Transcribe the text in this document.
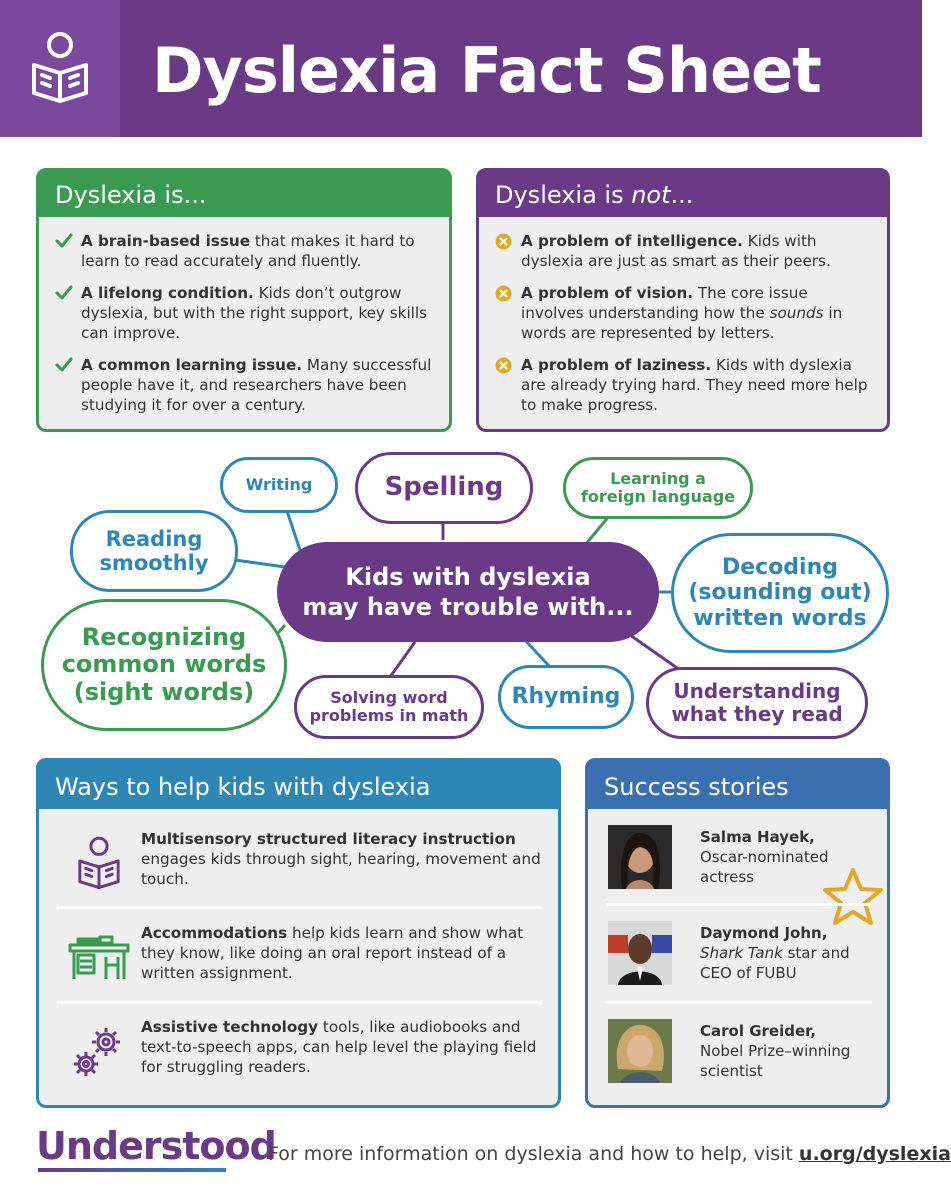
Dyslexia Fact Sheet
Dyslexia is...
A brain-based issue that makes it hard to learn to read accurately and fluently.
A lifelong condition. Kids don’t outgrow dyslexia, but with the right support, key skills can improve.
A common learning issue. Many successful people have it, and researchers have been studying it for over a century.
Dyslexia is not...
A problem of intelligence. Kids with dyslexia are just as smart as their peers.
A problem of vision. The core issue involves understanding how the sounds in words are represented by letters.
A problem of laziness. Kids with dyslexia are already trying hard. They need more help to make progress.
Kids with dyslexia
may have trouble with...
Writing	Spelling	Learning a
foreign language
Reading
smoothly	Decoding
(sounding out)
written words
Recognizing
common words
(sight words)	Solving word
problems in math
Rhyming	Understanding
what they read
Ways to help kids with dyslexia
Multisensory structured literacy instruction engages kids through sight, hearing, movement and touch.
Accommodations help kids learn and show what they know, like doing an oral report instead of a written assignment.
Assistive technology tools, like audiobooks and text-to-speech apps, can help level the playing field for struggling readers.
Success stories
Salma Hayek,
Oscar-nominated actress
Daymond John,
Shark Tank star and CEO of FUBU
Carol Greider,
Nobel Prize–winning scientist
Understood
For more information on dyslexia and how to help, visit u.org/dyslexia
